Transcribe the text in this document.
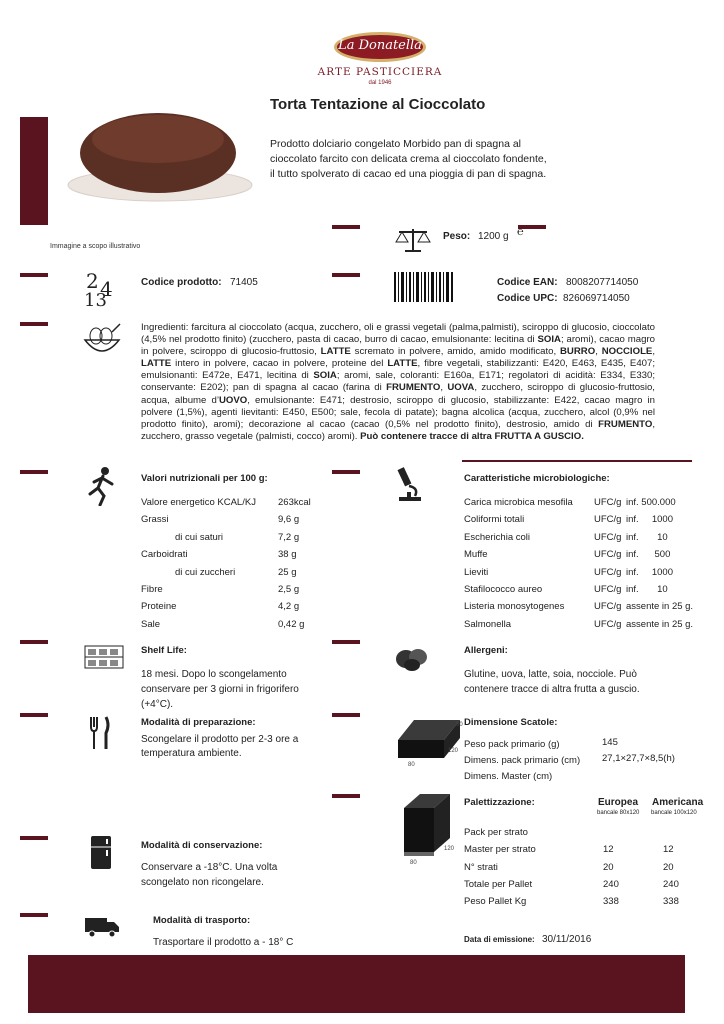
La Donatella
ARTE PASTICCIERA
dal 1946
Immagine a scopo illustrativo
Torta Tentazione al Cioccolato
Prodotto dolciario congelato Morbido pan di spagna al cioccolato farcito con delicata crema al cioccolato fondente, il tutto spolverato di cacao ed una pioggia di pan di spagna.
Peso: 1200 g ℮
2 4
13
Codice prodotto: 71405	Codice EAN: 8008207714050
Codice UPC: 826069714050
Ingredienti: farcitura al cioccolato (acqua, zucchero, oli e grassi vegetali (palma,palmisti), sciroppo di glucosio, cioccolato (4,5% nel prodotto finito) (zucchero, pasta di cacao, burro di cacao, emulsionante: lecitina di SOIA; aromi), cacao magro in polvere, sciroppo di glucosio-fruttosio, LATTE scremato in polvere, amido, amido modificato, BURRO, NOCCIOLE, LATTE intero in polvere, cacao in polvere, proteine del LATTE, fibre vegetali, stabilizzanti: E420, E463, E435, E407; emulsionanti: E472e, E471, lecitina di SOIA; aromi, sale, coloranti: E160a, E171; regolatori di acidità: E334, E330; conservante: E202); pan di spagna al cacao (farina di FRUMENTO, UOVA, zucchero, sciroppo di glucosio-fruttosio, acqua, albume d’UOVO, emulsionante: E471; destrosio, sciroppo di glucosio, stabilizzante: E422, cacao magro in polvere (1,5%), agenti lievitanti: E450, E500; sale, fecola di patate); bagna alcolica (acqua, zucchero, alcol (0,9% nel prodotto finito), aromi); decorazione al cacao (cacao (0,5% nel prodotto finito), destrosio, amido di FRUMENTO, zucchero, grasso vegetale (palmisti, cocco) aromi). Può contenere tracce di altra FRUTTA A GUSCIO.
Valori nutrizionali per 100 g:
Valore energetico KCAL/KJ 263kcal
Grassi	9,6 g
di cui saturi	7,2 g
Carboidrati	38 g
di cui zuccheri	25 g
Fibre	2,5 g
Proteine	4,2 g
Sale	0,42 g
Caratteristiche microbiologiche:
Carica microbica mesofila UFC/g inf. 500.000
Coliformi totali	UFC/g inf.     1000
Escherichia coli	UFC/g inf.       10
Muffe	UFC/g inf.      500
Lieviti	UFC/g inf.     1000
Stafilococco aureo	UFC/g inf.       10
Listeria monosytogenes	UFC/g assente in 25 g.
Salmonella	UFC/g assente in 25 g.
Shelf Life:
18 mesi. Dopo lo scongelamento conservare per 3 giorni in frigorifero (+4°C).
Allergeni:
Glutine, uova, latte, soia, nocciole. Può contenere tracce di altra frutta a guscio.
Modalità di preparazione:
Scongelare il prodotto per 2-3 ore a temperatura ambiente.
80
120
80 Dimensione Scatole:
Peso pack primario (g)	145
Dimens. pack primario (cm) 27,1×27,7×8,5(h)
Dimens. Master (cm)
80
120
Palettizzazione:	Europea
bancale 80x120
Americana
bancale 100x120
Pack per strato
Master per strato	12	12
N° strati	20	20
Totale per Pallet	240	240
Peso Pallet Kg	338	338
Modalità di conservazione:
Conservare a -18°C. Una volta scongelato non ricongelare.
Modalità di trasporto:
Trasportare il prodotto a - 18° C	Data di emissione: 30/11/2016
